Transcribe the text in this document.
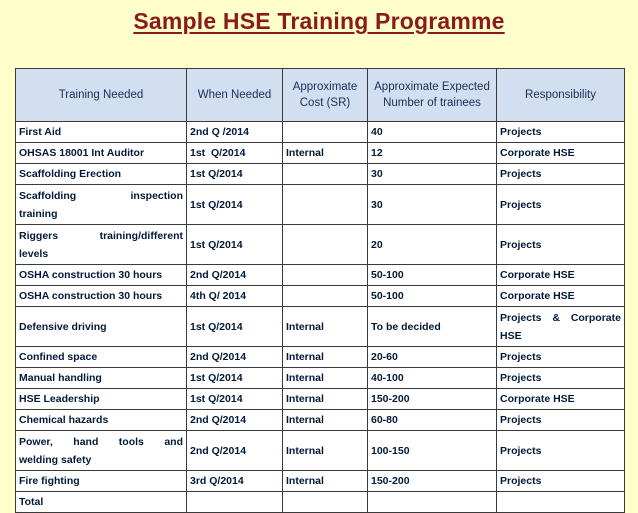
Sample HSE Training Programme
Training Needed	When Needed	Approximate Cost (SR)	Approximate Expected Number of trainees	Responsibility
First Aid	2nd Q /2014		40	Projects
OHSAS 18001 Int Auditor	1st  Q/2014	Internal	12	Corporate HSE
Scaffolding Erection	1st Q/2014		30	Projects

Scaffolding inspection
training	1st Q/2014		30	Projects

Riggers training/different
levels	1st Q/2014		20	Projects
OSHA construction 30 hours	2nd Q/2014		50-100	Corporate HSE
OSHA construction 30 hours	4th Q/ 2014		50-100	Corporate HSE
Defensive driving	1st Q/2014	Internal	To be decided	Projects & Corporate
HSE

Confined space	2nd Q/2014	Internal	20-60	Projects
Manual handling	1st Q/2014	Internal	40-100	Projects
HSE Leadership	1st Q/2014	Internal	150-200	Corporate HSE
Chemical hazards	2nd Q/2014	Internal	60-80	Projects

Power, hand tools and
welding safety	2nd Q/2014	Internal	100-150	Projects
Fire fighting	3rd Q/2014	Internal	150-200	Projects
Total				
